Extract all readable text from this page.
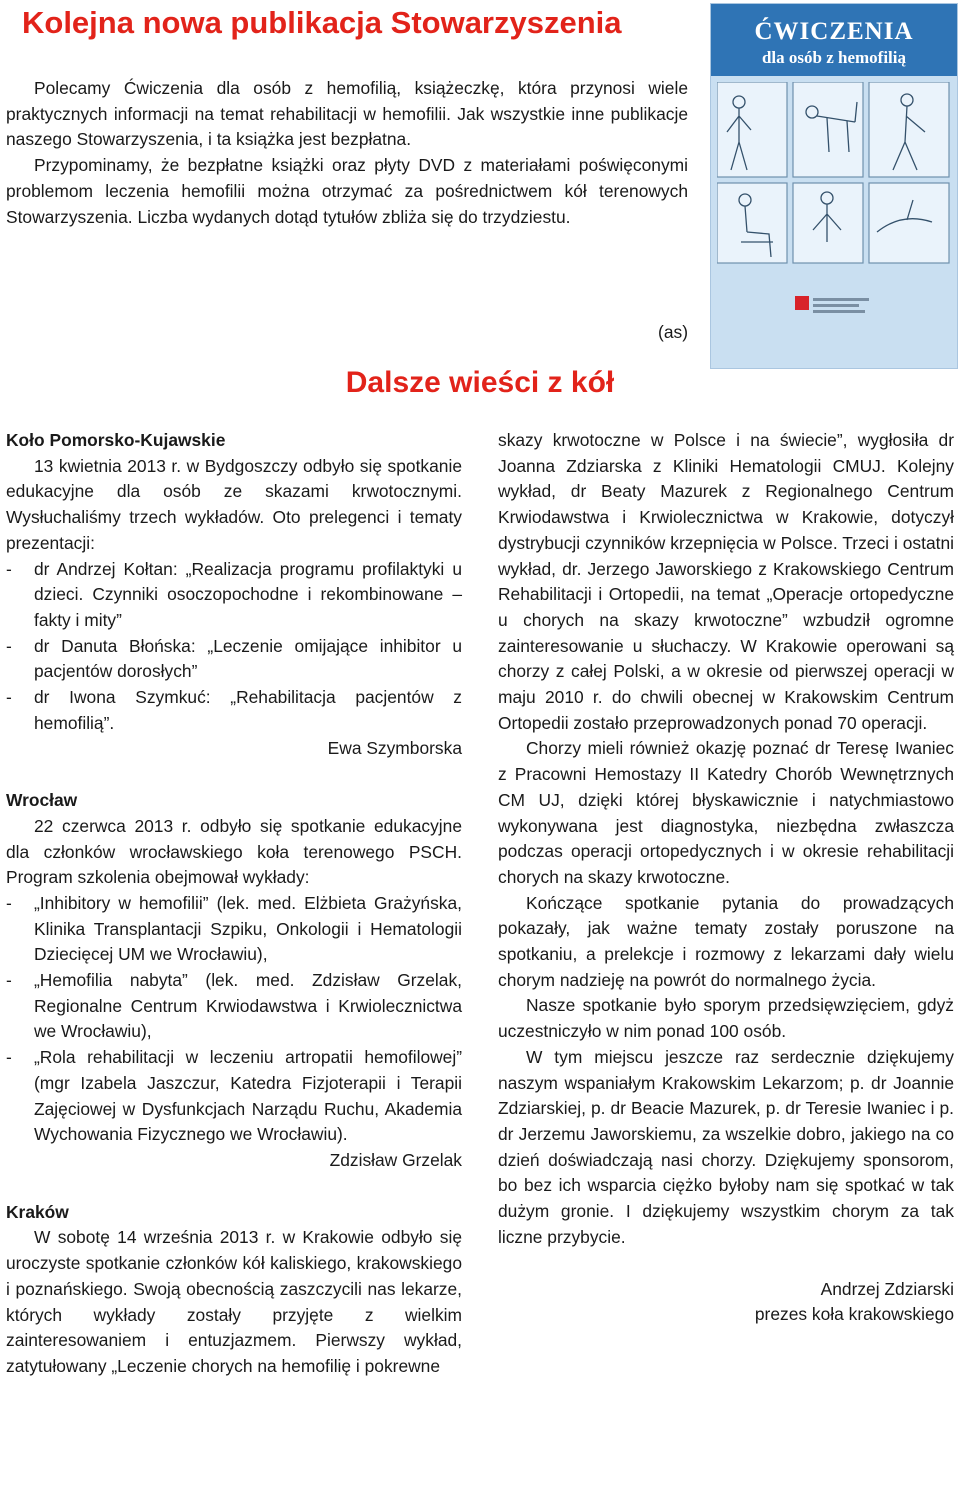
Kolejna nowa publikacja Stowarzyszenia

Polecamy Ćwiczenia dla osób z hemofilią, książeczkę, która przynosi wiele praktycznych informacji na temat rehabilitacji w hemofilii. Jak wszystkie inne publikacje naszego Stowarzyszenia, i ta książka jest bezpłatna.

Przypominamy, że bezpłatne książki oraz płyty DVD z materiałami poświęconymi problemom leczenia hemofilii można otrzymać za pośrednictwem kół terenowych Stowarzyszenia. Liczba wydanych dotąd tytułów zbliża się do trzydziestu.

(as)
ĆWICZENIA
dla osób z hemofilią
Dalsze wieści z kół

Koło Pomorsko-Kujawskie

13 kwietnia 2013 r. w Bydgoszczy odbyło się spotkanie edukacyjne dla osób ze skazami krwotocznymi. Wysłuchaliśmy trzech wykładów. Oto prelegenci i tematy prezentacji:

- dr Andrzej Kołtan: „Realizacja programu profilaktyki u dzieci. Czynniki osoczopochodne i rekombinowane – fakty i mity”
- dr Danuta Błońska: „Leczenie omijające inhibitor u pacjentów dorosłych”
- dr Iwona Szymkuć: „Rehabilitacja pacjentów z hemofilią”.

Ewa Szymborska

Wrocław

22 czerwca 2013 r. odbyło się spotkanie edukacyjne dla członków wrocławskiego koła terenowego PSCH. Program szkolenia obejmował wykłady:

- „Inhibitory w hemofilii” (lek. med. Elżbieta Grażyńska, Klinika Transplantacji Szpiku, Onkologii i Hematologii Dziecięcej UM we Wrocławiu),
- „Hemofilia nabyta” (lek. med. Zdzisław Grzelak, Regionalne Centrum Krwiodawstwa i Krwiolecznictwa we Wrocławiu),
- „Rola rehabilitacji w leczeniu artropatii hemofilowej” (mgr Izabela Jaszczur, Katedra Fizjoterapii i Terapii Zajęciowej w Dysfunkcjach Narządu Ruchu, Akademia Wychowania Fizycznego we Wrocławiu).

Zdzisław Grzelak

Kraków

W sobotę 14 września 2013 r. w Krakowie odbyło się uroczyste spotkanie członków kół kaliskiego, krakowskiego i poznańskiego. Swoją obecnością zaszczycili nas lekarze, których wykłady zostały przyjęte z wielkim zainteresowaniem i entuzjazmem. Pierwszy wykład, zatytułowany „Leczenie chorych na hemofilię i pokrewne

skazy krwotoczne w Polsce i na świecie”, wygłosiła dr Joanna Zdziarska z Kliniki Hematologii CMUJ. Kolejny wykład, dr Beaty Mazurek z Regionalnego Centrum Krwiodawstwa i Krwiolecznictwa w Krakowie, dotyczył dystrybucji czynników krzepnięcia w Polsce. Trzeci i ostatni wykład, dr. Jerzego Jaworskiego z Krakowskiego Centrum Rehabilitacji i Ortopedii, na temat „Operacje ortopedyczne u chorych na skazy krwotoczne” wzbudził ogromne zainteresowanie u słuchaczy. W Krakowie operowani są chorzy z całej Polski, a w okresie od pierwszej operacji w maju 2010 r. do chwili obecnej w Krakowskim Centrum Ortopedii zostało przeprowadzonych ponad 70 operacji.

Chorzy mieli również okazję poznać dr Teresę Iwaniec z Pracowni Hemostazy II Katedry Chorób Wewnętrznych CM UJ, dzięki której błyskawicznie i natychmiastowo wykonywana jest diagnostyka, niezbędna zwłaszcza podczas operacji ortopedycznych i w okresie rehabilitacji chorych na skazy krwotoczne.

Kończące spotkanie pytania do prowadzących pokazały, jak ważne tematy zostały poruszone na spotkaniu, a prelekcje i rozmowy z lekarzami dały wielu chorym nadzieję na powrót do normalnego życia.

Nasze spotkanie było sporym przedsięwzięciem, gdyż uczestniczyło w nim ponad 100 osób.

W tym miejscu jeszcze raz serdecznie dziękujemy naszym wspaniałym Krakowskim Lekarzom; p. dr Joannie Zdziarskiej, p. dr Beacie Mazurek, p. dr Teresie Iwaniec i p. dr Jerzemu Jaworskiemu, za wszelkie dobro, jakiego na co dzień doświadczają nasi chorzy. Dziękujemy sponsorom, bo bez ich wsparcia ciężko byłoby nam się spotkać w tak dużym gronie. I dziękujemy wszystkim chorym za tak liczne przybycie.

Andrzej Zdziarski

prezes koła krakowskiego
